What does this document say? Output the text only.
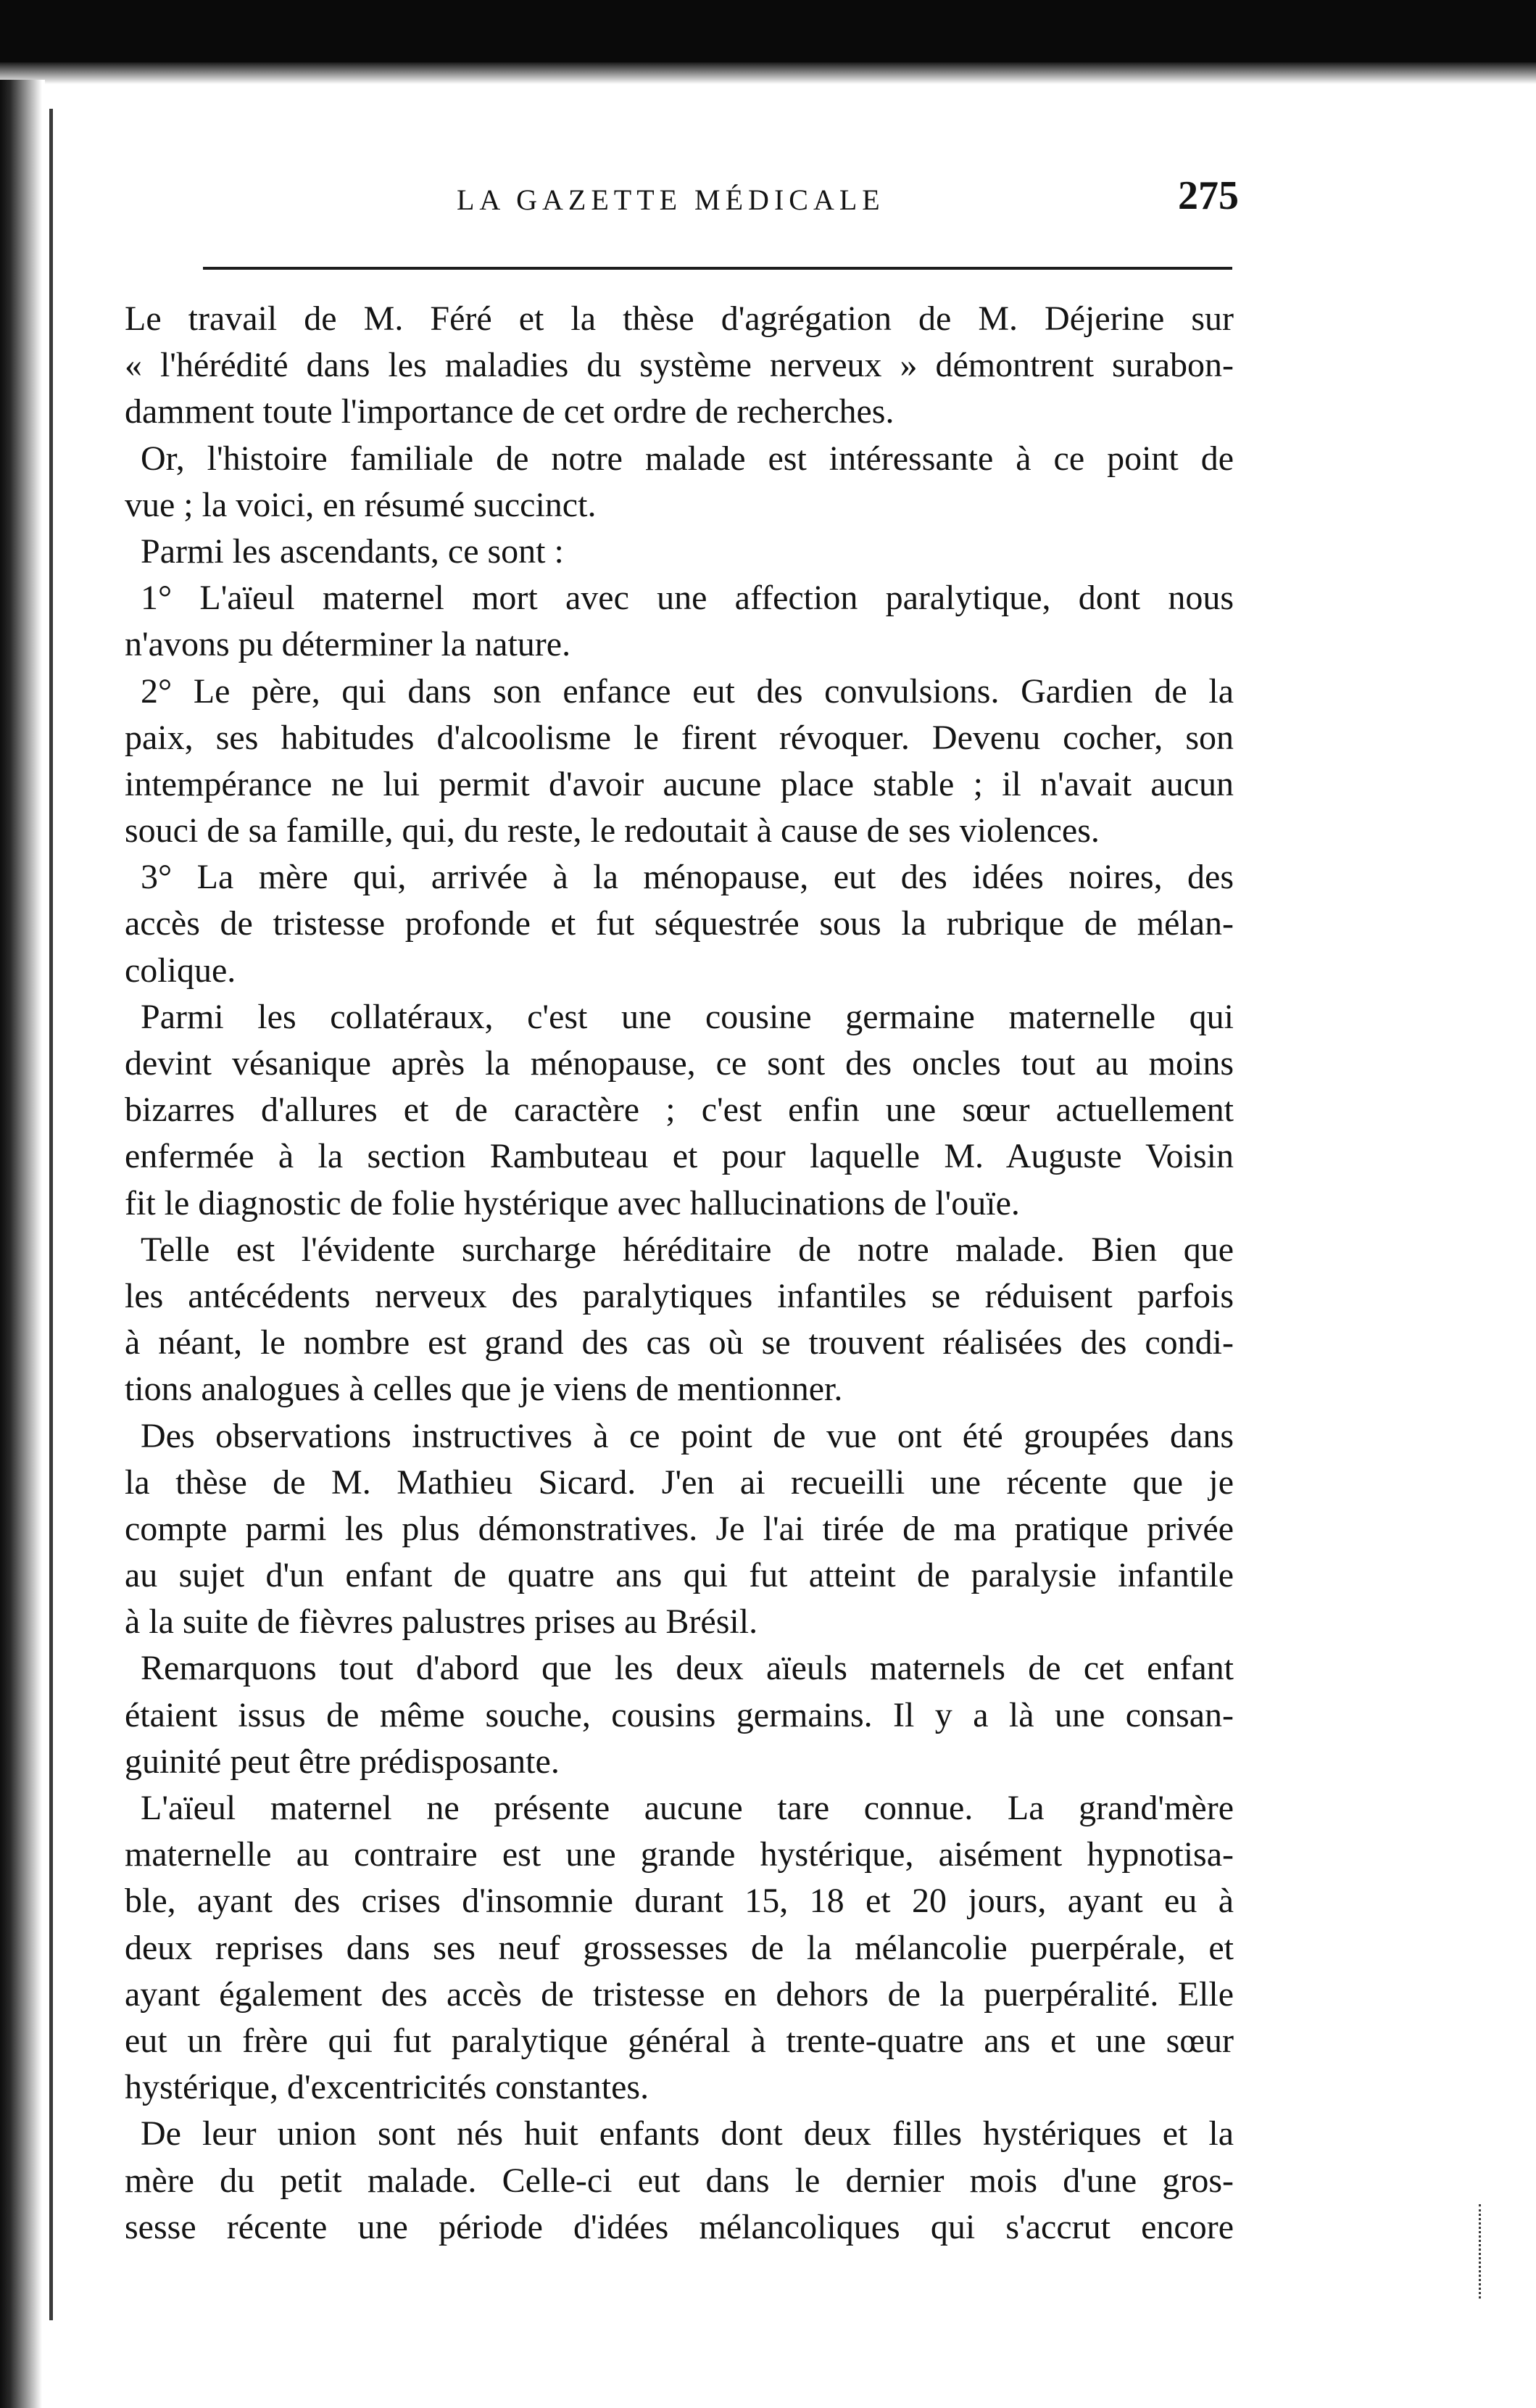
LA GAZETTE MÉDICALE	275
Le travail de M. Féré et la thèse d'agrégation de M. Déjerine sur
« l'hérédité dans les maladies du système nerveux » démontrent surabon-
damment toute l'importance de cet ordre de recherches.
Or, l'histoire familiale de notre malade est intéressante à ce point de
vue ; la voici, en résumé succinct.
Parmi les ascendants, ce sont :
1° L'aïeul maternel mort avec une affection paralytique, dont nous
n'avons pu déterminer la nature.
2° Le père, qui dans son enfance eut des convulsions. Gardien de la
paix, ses habitudes d'alcoolisme le firent révoquer. Devenu cocher, son
intempérance ne lui permit d'avoir aucune place stable ; il n'avait aucun
souci de sa famille, qui, du reste, le redoutait à cause de ses violences.
3° La mère qui, arrivée à la ménopause, eut des idées noires, des
accès de tristesse profonde et fut séquestrée sous la rubrique de mélan-
colique.
Parmi les collatéraux, c'est une cousine germaine maternelle qui
devint vésanique après la ménopause, ce sont des oncles tout au moins
bizarres d'allures et de caractère ; c'est enfin une sœur actuellement
enfermée à la section Rambuteau et pour laquelle M. Auguste Voisin
fit le diagnostic de folie hystérique avec hallucinations de l'ouïe.
Telle est l'évidente surcharge héréditaire de notre malade. Bien que
les antécédents nerveux des paralytiques infantiles se réduisent parfois
à néant, le nombre est grand des cas où se trouvent réalisées des condi-
tions analogues à celles que je viens de mentionner.
Des observations instructives à ce point de vue ont été groupées dans
la thèse de M. Mathieu Sicard. J'en ai recueilli une récente que je
compte parmi les plus démonstratives. Je l'ai tirée de ma pratique privée
au sujet d'un enfant de quatre ans qui fut atteint de paralysie infantile
à la suite de fièvres palustres prises au Brésil.
Remarquons tout d'abord que les deux aïeuls maternels de cet enfant
étaient issus de même souche, cousins germains. Il y a là une consan-
guinité peut être prédisposante.
L'aïeul maternel ne présente aucune tare connue. La grand'mère
maternelle au contraire est une grande hystérique, aisément hypnotisa-
ble, ayant des crises d'insomnie durant 15, 18 et 20 jours, ayant eu à
deux reprises dans ses neuf grossesses de la mélancolie puerpérale, et
ayant également des accès de tristesse en dehors de la puerpéralité. Elle
eut un frère qui fut paralytique général à trente-quatre ans et une sœur
hystérique, d'excentricités constantes.
De leur union sont nés huit enfants dont deux filles hystériques et la
mère du petit malade. Celle-ci eut dans le dernier mois d'une gros-
sesse récente une période d'idées mélancoliques qui s'accrut encore
